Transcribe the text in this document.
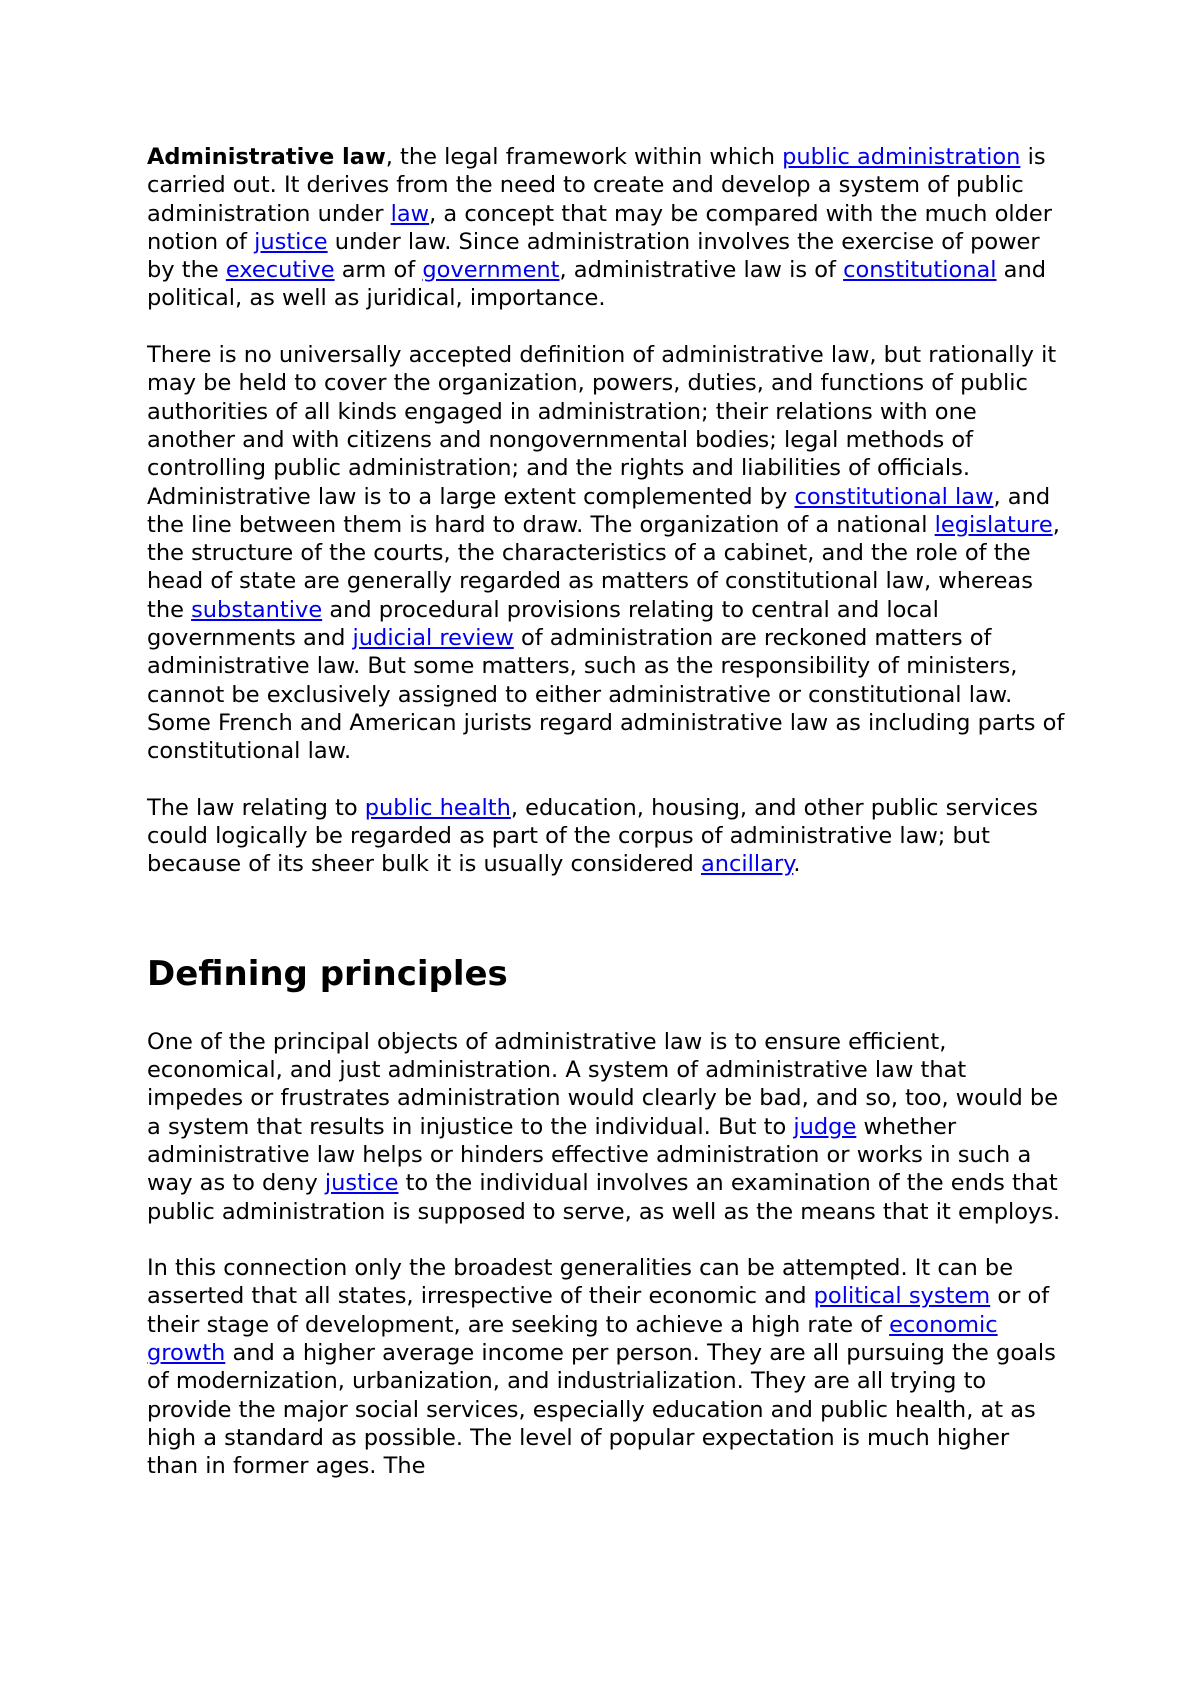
Administrative law, the legal framework within which public administration is carried out. It derives from the need to create and develop a system of public administration under law, a concept that may be compared with the much older notion of justice under law. Since administration involves the exercise of power by the executive arm of government, administrative law is of constitutional and political, as well as juridical, importance.

There is no universally accepted definition of administrative law, but rationally it may be held to cover the organization, powers, duties, and functions of public authorities of all kinds engaged in administration; their relations with one another and with citizens and nongovernmental bodies; legal methods of controlling public administration; and the rights and liabilities of officials. Administrative law is to a large extent complemented by constitutional law, and the line between them is hard to draw. The organization of a national legislature, the structure of the courts, the characteristics of a cabinet, and the role of the head of state are generally regarded as matters of constitutional law, whereas the substantive and procedural provisions relating to central and local governments and judicial review of administration are reckoned matters of administrative law. But some matters, such as the responsibility of ministers, cannot be exclusively assigned to either administrative or constitutional law. Some French and American jurists regard administrative law as including parts of constitutional law.

The law relating to public health, education, housing, and other public services could logically be regarded as part of the corpus of administrative law; but because of its sheer bulk it is usually considered ancillary.

Defining principles

One of the principal objects of administrative law is to ensure efficient, economical, and just administration. A system of administrative law that impedes or frustrates administration would clearly be bad, and so, too, would be a system that results in injustice to the individual. But to judge whether administrative law helps or hinders effective administration or works in such a way as to deny justice to the individual involves an examination of the ends that public administration is supposed to serve, as well as the means that it employs.

In this connection only the broadest generalities can be attempted. It can be asserted that all states, irrespective of their economic and political system or of their stage of development, are seeking to achieve a high rate of economic growth and a higher average income per person. They are all pursuing the goals of modernization, urbanization, and industrialization. They are all trying to provide the major social services, especially education and public health, at as high a standard as possible. The level of popular expectation is much higher than in former ages. The
